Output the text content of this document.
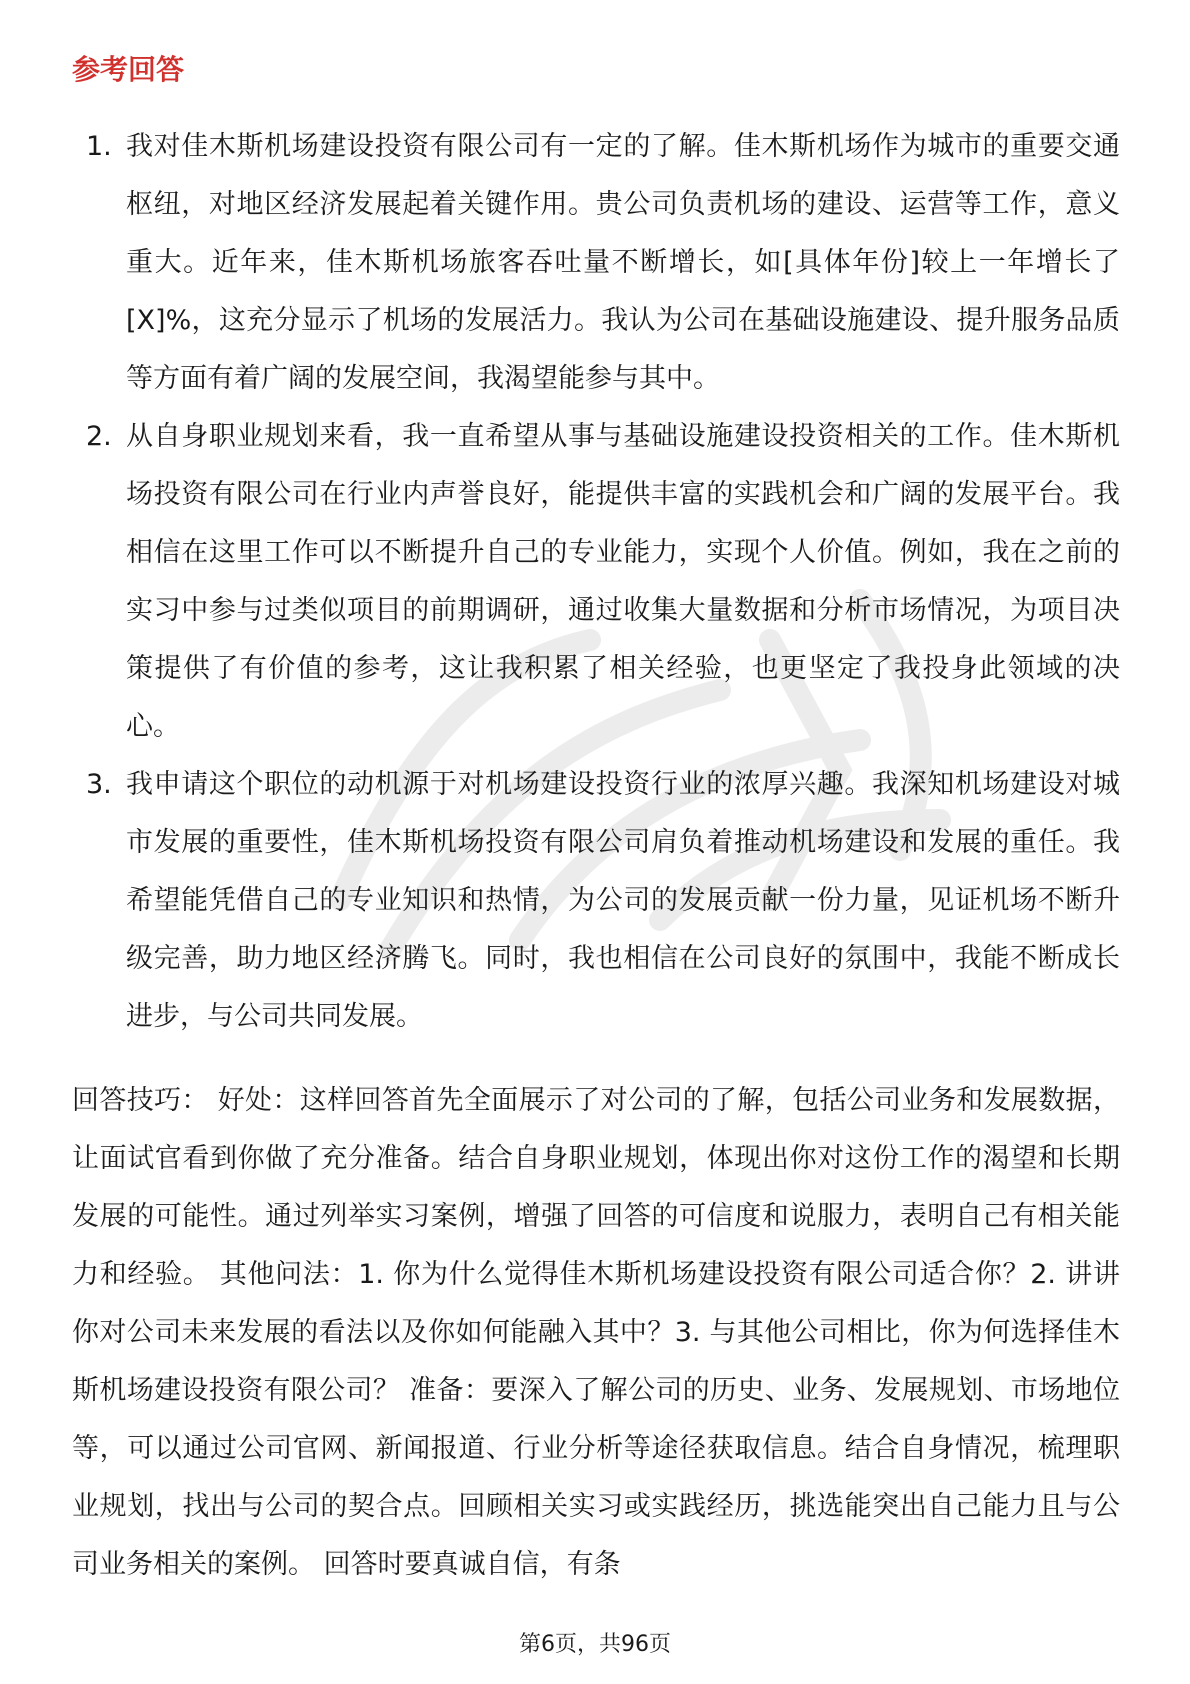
参考回答
1. 我对佳木斯机场建设投资有限公司有一定的了解。佳木斯机场作为城市的重要交通枢纽，对地区经济发展起着关键作用。贵公司负责机场的建设、运营等工作，意义重大。近年来，佳木斯机场旅客吞吐量不断增长，如[具体年份]较上一年增长了[X]%，这充分显示了机场的发展活力。我认为公司在基础设施建设、提升服务品质等方面有着广阔的发展空间，我渴望能参与其中。
2. 从自身职业规划来看，我一直希望从事与基础设施建设投资相关的工作。佳木斯机场投资有限公司在行业内声誉良好，能提供丰富的实践机会和广阔的发展平台。我相信在这里工作可以不断提升自己的专业能力，实现个人价值。例如，我在之前的实习中参与过类似项目的前期调研，通过收集大量数据和分析市场情况，为项目决策提供了有价值的参考，这让我积累了相关经验，也更坚定了我投身此领域的决心。
3. 我申请这个职位的动机源于对机场建设投资行业的浓厚兴趣。我深知机场建设对城市发展的重要性，佳木斯机场投资有限公司肩负着推动机场建设和发展的重任。我希望能凭借自己的专业知识和热情，为公司的发展贡献一份力量，见证机场不断升级完善，助力地区经济腾飞。同时，我也相信在公司良好的氛围中，我能不断成长进步，与公司共同发展。

回答技巧： 好处：这样回答首先全面展示了对公司的了解，包括公司业务和发展数据，让面试官看到你做了充分准备。结合自身职业规划，体现出你对这份工作的渴望和长期发展的可能性。通过列举实习案例，增强了回答的可信度和说服力，表明自己有相关能力和经验。 其他问法：1. 你为什么觉得佳木斯机场建设投资有限公司适合你？2. 讲讲你对公司未来发展的看法以及你如何能融入其中？3. 与其他公司相比，你为何选择佳木斯机场建设投资有限公司？ 准备：要深入了解公司的历史、业务、发展规划、市场地位等，可以通过公司官网、新闻报道、行业分析等途径获取信息。结合自身情况，梳理职业规划，找出与公司的契合点。回顾相关实习或实践经历，挑选能突出自己能力且与公司业务相关的案例。 回答时要真诚自信，有条

第6页，共96页
